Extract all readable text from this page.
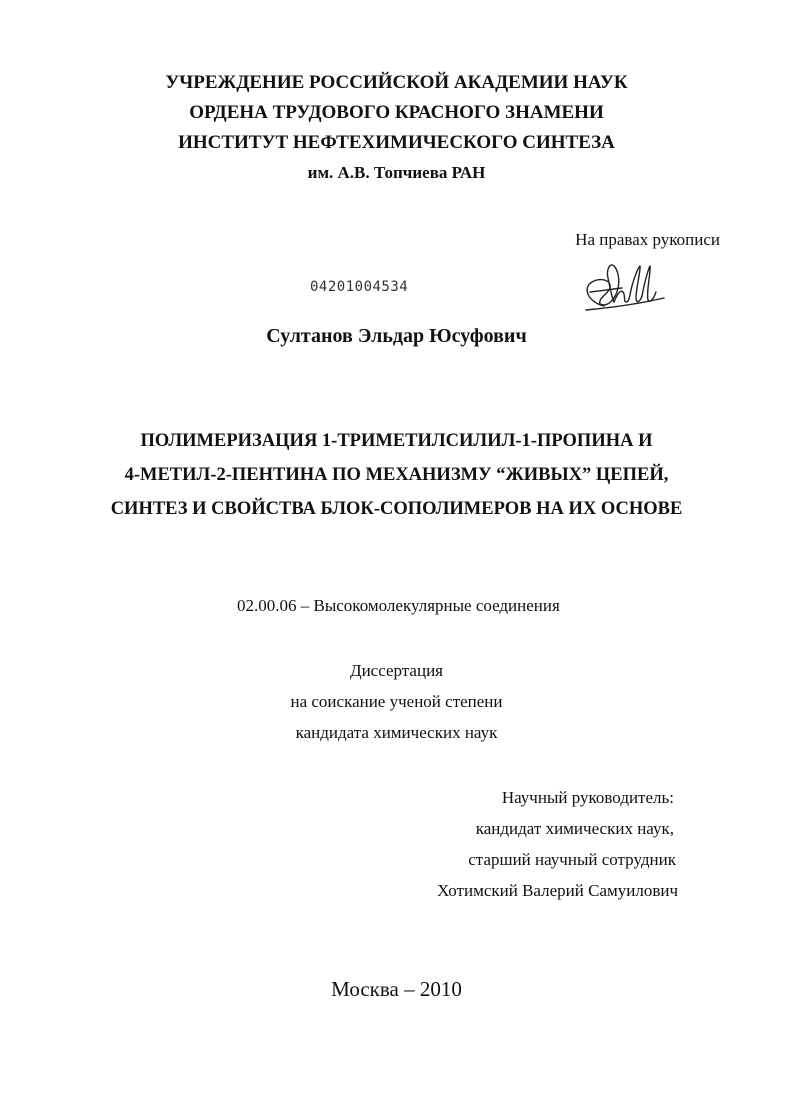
УЧРЕЖДЕНИЕ РОССИЙСКОЙ АКАДЕМИИ НАУК
ОРДЕНА ТРУДОВОГО КРАСНОГО ЗНАМЕНИ
ИНСТИТУТ НЕФТЕХИМИЧЕСКОГО СИНТЕЗА
им. А.В. Топчиева РАН
На правах рукописи
04201004534
Султанов Эльдар Юсуфович
ПОЛИМЕРИЗАЦИЯ 1-ТРИМЕТИЛСИЛИЛ-1-ПРОПИНА И
4-МЕТИЛ-2-ПЕНТИНА ПО МЕХАНИЗМУ “ЖИВЫХ” ЦЕПЕЙ,
СИНТЕЗ И СВОЙСТВА БЛОК-СОПОЛИМЕРОВ НА ИХ ОСНОВЕ
02.00.06 – Высокомолекулярные соединения
Диссертация
на соискание ученой степени
кандидата химических наук
Научный руководитель:
кандидат химических наук,
старший научный сотрудник
Хотимский Валерий Самуилович
Москва – 2010
